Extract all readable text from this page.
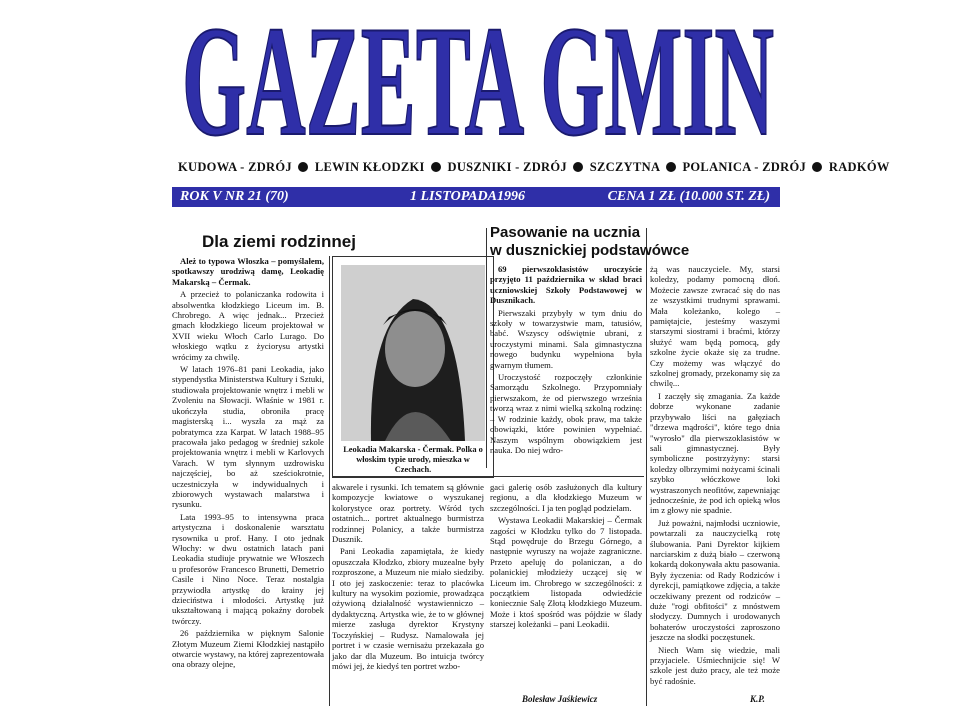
GAZETA GMIN
KUDOWA - ZDRÓJ LEWIN KŁODZKI DUSZNIKI - ZDRÓJ SZCZYTNA POLANICA - ZDRÓJ RADKÓW
ROK V NR 21 (70)	1 LISTOPADA1996	CENA 1 ZŁ (10.000 ST. ZŁ)
Dla ziemi rodzinnej

Ależ to typowa Włoszka – pomyślałem, spotkawszy urodziwą damę, Leokadię Makarską – Čermak.

A przecież to polaniczanka rodowita i absolwentka kłodzkiego Liceum im. B. Chrobrego. A więc jednak... Przecież gmach kłodzkiego liceum projektował w XVII wieku Włoch Carlo Lurago. Do włoskiego wątku z życiorysu artystki wrócimy za chwilę.

W latach 1976–81 pani Leokadia, jako stypendystka Ministerstwa Kultury i Sztuki, studiowała projektowanie wnętrz i mebli w Zvoleniu na Słowacji. Właśnie w 1981 r. ukończyła studia, obroniła pracę magisterską i... wyszła za mąż za pobratymca zza Karpat. W latach 1988–95 pracowała jako pedagog w średniej szkole projektowania wnętrz i mebli w Karlovych Varach. W tym słynnym uzdrowisku najczęściej, bo aż sześciokrotnie, uczestniczyła w indywidualnych i zbiorowych wystawach malarstwa i rysunku.

Lata 1993–95 to intensywna praca artystyczna i doskonalenie warsztatu rysownika u prof. Hany. I oto jednak Włochy: w dwu ostatnich latach pani Leokadia studiuje prywatnie we Włoszech u profesorów Francesco Brunetti, Demetrio Casile i Nino Noce. Teraz nostalgia przywiodła artystkę do krainy jej dzieciństwa i młodości. Artystkę już ukształtowaną i mającą pokaźny dorobek twórczy.

26 października w pięknym Salonie Złotym Muzeum Ziemi Kłodzkiej nastąpiło otwarcie wystawy, na której zaprezentowała ona obrazy olejne,

Leokadia Makarska - Čermak. Polka o włoskim typie urody, mieszka w Czechach.

akwarele i rysunki. Ich tematem są głównie kompozycje kwiatowe o wyszukanej kolorystyce oraz portrety. Wśród tych ostatnich... portret aktualnego burmistrza rodzinnej Polanicy, a także burmistrza Dusznik.

Pani Leokadia zapamiętała, że kiedy opuszczała Kłodzko, zbiory muzealne były rozproszone, a Muzeum nie miało siedziby. I oto jej zaskoczenie: teraz to placówka kultury na wysokim poziomie, prowadząca ożywioną działalność wystawienniczo – dydaktyczną. Artystka wie, że to w głównej mierze zasługa dyrektor Krystyny Toczyńskiej – Rudysz. Namalowała jej portret i w czasie wernisażu przekazała go jako dar dla Muzeum. Bo intuicja twórcy mówi jej, że kiedyś ten portret wzbo-

gaci galerię osób zasłużonych dla kultury regionu, a dla kłodzkiego Muzeum w szczególności. I ja ten pogląd podzielam.

Wystawa Leokadii Makarskiej – Čermak zagości w Kłodzku tylko do 7 listopada. Stąd powędruje do Brzegu Górnego, a następnie wyruszy na wojaże zagraniczne. Przeto apeluję do polaniczan, a do polanickiej młodzieży uczącej się w Liceum im. Chrobrego w szczególności: z początkiem listopada odwiedźcie koniecznie Salę Złotą kłodzkiego Muzeum. Może i ktoś spośród was pójdzie w ślady starszej koleżanki – pani Leokadii.

Bolesław Jaśkiewicz
Pasowanie na ucznia
w dusznickiej podstawówce

69 pierwszoklasistów uroczyście przyjęto 11 października w skład braci uczniowskiej Szkoły Podstawowej w Dusznikach.

Pierwszaki przybyły w tym dniu do szkoły w towarzystwie mam, tatusiów, babć. Wszyscy odświętnie ubrani, z uroczystymi minami. Sala gimnastyczna nowego budynku wypełniona była gwarnym tłumem.

Uroczystość rozpoczęły członkinie Samorządu Szkolnego. Przypomniały pierwszakom, że od pierwszego września tworzą wraz z nimi wielką szkolną rodzinę: – W rodzinie każdy, obok praw, ma także obowiązki, które powinien wypełniać. Naszym wspólnym obowiązkiem jest nauka. Do niej wdro-

żą was nauczyciele. My, starsi koledzy, podamy pomocną dłoń. Możecie zawsze zwracać się do nas ze wszystkimi trudnymi sprawami. Mała koleżanko, kolego – pamiętajcie, jesteśmy waszymi starszymi siostrami i braćmi, którzy służyć wam będą pomocą, gdy szkolne życie okaże się za trudne. Czy możemy was włączyć do szkolnej gromady, przekonamy się za chwilę...

I zaczęły się zmagania. Za każde dobrze wykonane zadanie przybywało liści na gałęziach "drzewa mądrości", które tego dnia "wyrosło" dla pierwszoklasistów w sali gimnastycznej. Były symboliczne postrzyżyny: starsi koledzy olbrzymimi nożycami ścinali szybko włóczkowe loki wystraszonych neofitów, zapewniając jednocześnie, że pod ich opieką włos im z głowy nie spadnie.

Już poważni, najmłodsi uczniowie, powtarzali za nauczycielką rotę ślubowania. Pani Dyrektor kijkiem narciarskim z dużą biało – czerwoną kokardą dokonywała aktu pasowania. Były życzenia: od Rady Rodziców i dyrekcji, pamiątkowe zdjęcia, a także oczekiwany prezent od rodziców – duże "rogi obfitości" z mnóstwem słodyczy. Dumnych i urodowanych bohaterów uroczystości zaproszono jeszcze na słodki poczęstunek.

Niech Wam się wiedzie, mali przyjaciele. Uśmiechnijcie się! W szkole jest dużo pracy, ale też może być radośnie.

K.P.
